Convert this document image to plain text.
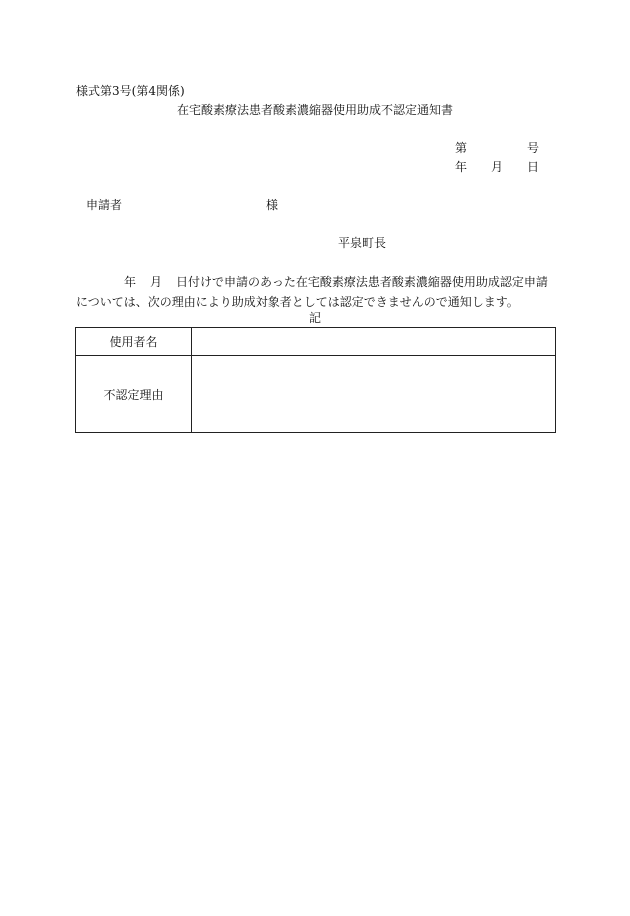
様式第3号(第4関係)
在宅酸素療法患者酸素濃縮器使用助成不認定通知書
第	号
年 月 日
申請者	様
平泉町長
年 月 日付けで申請のあった在宅酸素療法患者酸素濃縮器使用助成認定申請については、次の理由により助成対象者としては認定できませんので通知します。
記
使用者名	
不認定理由	
